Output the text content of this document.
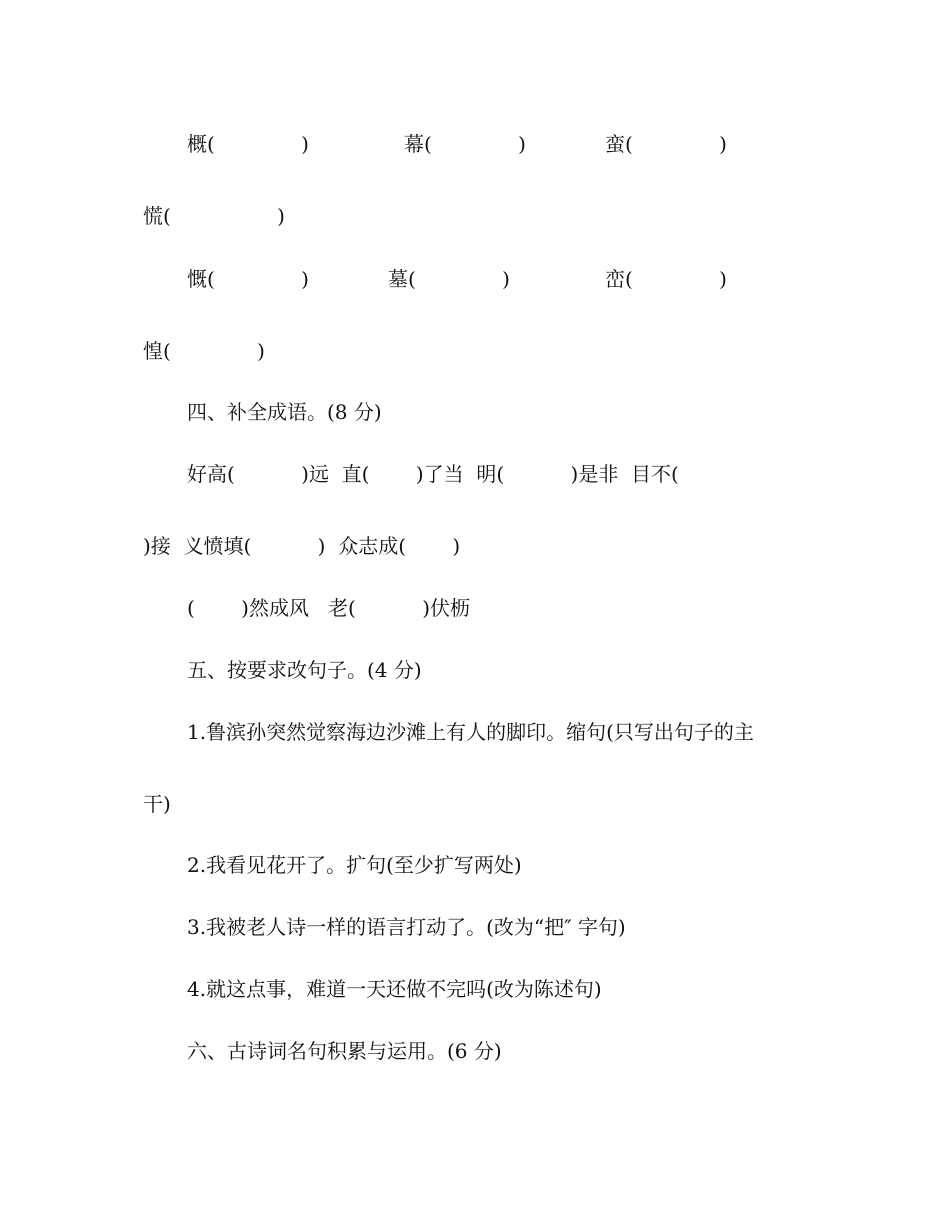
概(　　　　 )	幕(　　　　 )	蛮(　　　　 )
慌(　　　　　 )
慨(　　　　 )	墓(　　　　 )	峦(　　　　 )
惶(　　　　 )
四、补全成语。(8 分)
好高(　　　 )远  直(　　 )了当  明(　　　 )是非  目不(
)接  义愤填(　　　 )  众志成(　　 )
(　　 )然成风   老(　　　 )伏枥
五、按要求改句子。(4 分)
1.鲁滨孙突然觉察海边沙滩上有人的脚印。缩句(只写出句子的主
干)
2.我看见花开了。扩句(至少扩写两处)
3.我被老人诗一样的语言打动了。(改为“把″ 字句)
4.就这点事，难道一天还做不完吗(改为陈述句)
六、古诗词名句积累与运用。(6 分)
